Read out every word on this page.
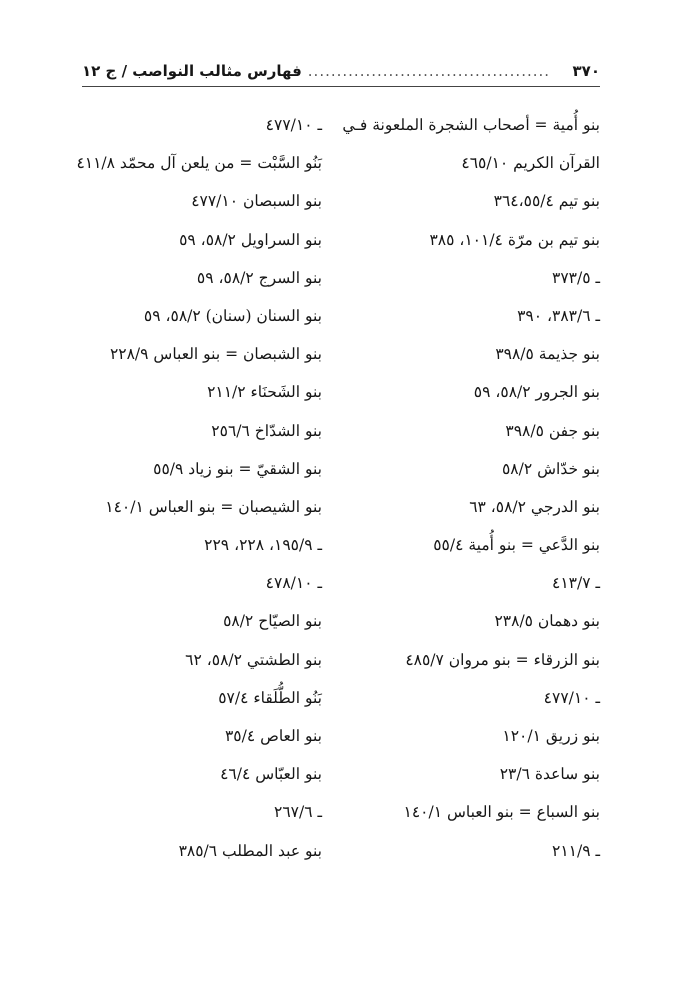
٣٧٠
..........................................
فهارس مثالب النواصب / ج ١٢
بنو أُمية = أصحاب الشجرة الملعونة فـي
القرآن الكريم ٤٦٥/١٠
بنو تيم ٣٦٤،٥٥/٤
بنو تيم بن مرّة ١٠١/٤، ٣٨٥
ـ ٣٧٣/٥
ـ ٣٨٣/٦، ٣٩٠
بنو جذيمة ٣٩٨/٥
بنو الجرور ٥٨/٢، ٥٩
بنو جفن ٣٩٨/٥
بنو خدّاش ٥٨/٢
بنو الدرجي ٥٨/٢، ٦٣
بنو الدَّعي = بنو أُمية ٥٥/٤
ـ ٤١٣/٧
بنو دهمان ٢٣٨/٥
بنو الزرقاء = بنو مروان ٤٨٥/٧
ـ ٤٧٧/١٠
بنو زريق ١٢٠/١
بنو ساعدة ٢٣/٦
بنو السباع = بنو العباس ١٤٠/١
ـ ٢١١/٩
ـ ٤٧٧/١٠
بَنُو السَّبْت = من يلعن آل محمّد ٤١١/٨
بنو السبصان ٤٧٧/١٠
بنو السراويل ٥٨/٢، ٥٩
بنو السرج ٥٨/٢، ٥٩
بنو السنان (سنان) ٥٨/٢، ٥٩
بنو الشبصان = بنو العباس ٢٢٨/٩
بنو الشَحنَاء ٢١١/٢
بنو الشدّاخ ٢٥٦/٦
بنو الشقيّ = بنو زياد ٥٥/٩
بنو الشيصبان = بنو العباس ١٤٠/١
ـ ١٩٥/٩، ٢٢٨، ٢٢٩
ـ ٤٧٨/١٠
بنو الصيّاح ٥٨/٢
بنو الطشتي ٥٨/٢، ٦٢
بَنُو الطُّلَقاء ٥٧/٤
بنو العاص ٣٥/٤
بنو العبّاس ٤٦/٤
ـ ٢٦٧/٦
بنو عبد المطلب ٣٨٥/٦
